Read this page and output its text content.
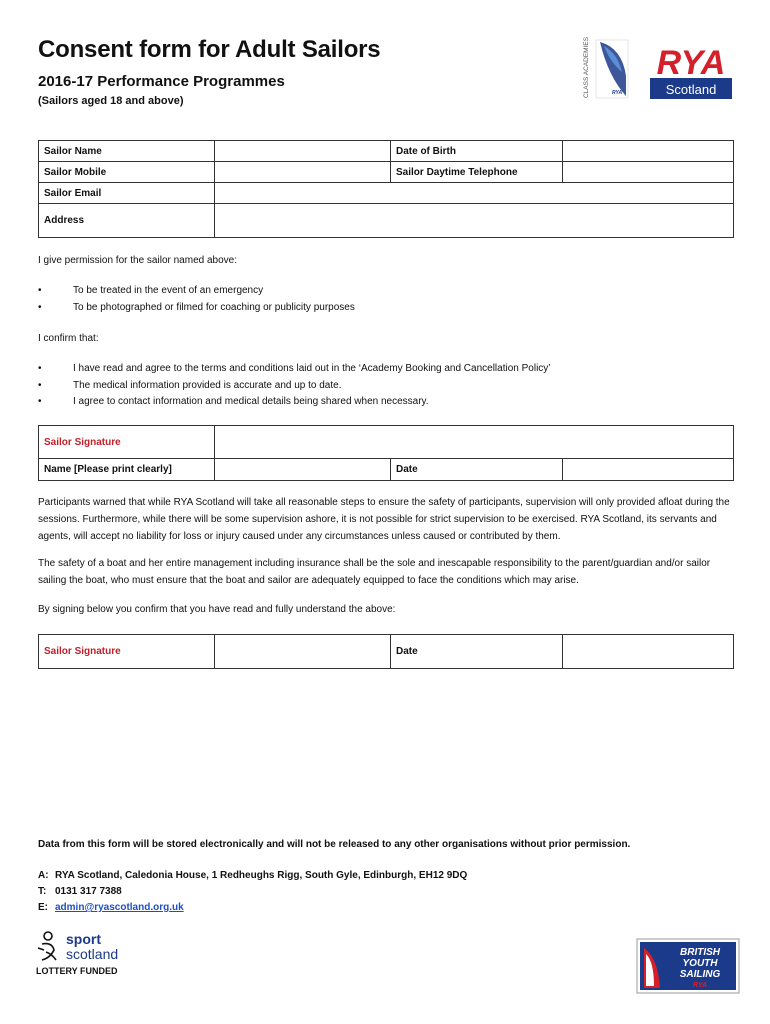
Consent form for Adult Sailors
2016-17 Performance Programmes
(Sailors aged 18 and above)
CLASS ACADEMIES	RYA	Scotland
RYA
Sailor Name		Date of Birth	
Sailor Mobile		Sailor Daytime Telephone	
Sailor Email			
Address			
I give permission for the sailor named above:
•	To be treated in the event of an emergency
•	To be photographed or filmed for coaching or publicity purposes
I confirm that:
•	I have read and agree to the terms and conditions laid out in the ‘Academy Booking and Cancellation Policy’
•	The medical information provided is accurate and up to date.
•	I agree to contact information and medical details being shared when necessary.
Sailor Signature			
Name [Please print clearly]		Date	
Participants warned that while RYA Scotland will take all reasonable steps to ensure the safety of participants, supervision will only provided afloat during the sessions. Furthermore, while there will be some supervision ashore, it is not possible for strict supervision to be exercised. RYA Scotland, its servants and agents, will accept no liability for loss or injury caused under any circumstances unless caused or contributed by them.
The safety of a boat and her entire management including insurance shall be the sole and inescapable responsibility to the parent/guardian and/or sailor sailing the boat, who must ensure that the boat and sailor are adequately equipped to face the conditions which may arise.
By signing below you confirm that you have read and fully understand the above:
Sailor Signature		Date	
Data from this form will be stored electronically and will not be released to any other organisations without prior permission.
A: RYA Scotland, Caledonia House, 1 Redheughs Rigg, South Gyle, Edinburgh, EH12 9DQ
T: 0131 317 7388
E: admin@ryascotland.org.uk
sport
scotland
LOTTERY FUNDED
BRITISH
YOUTH
SAILING
RYA
